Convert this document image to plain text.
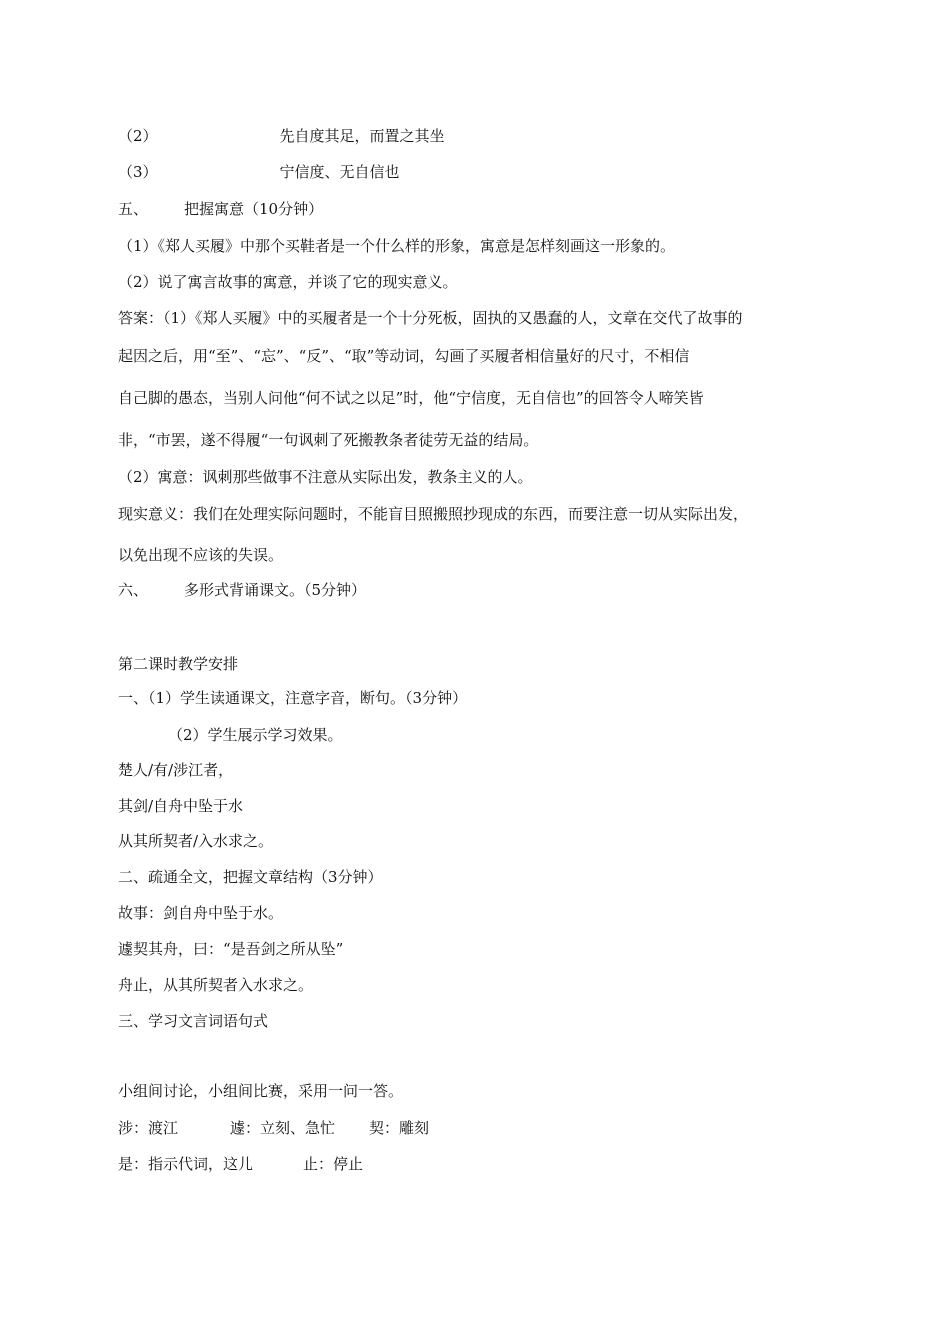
（2）	先自度其足，而置之其坐
（3）	宁信度、无自信也
五、 把握寓意（10分钟）
（1）《郑人买履》中那个买鞋者是一个什么样的形象，寓意是怎样刻画这一形象的。
（2）说了寓言故事的寓意，并谈了它的现实意义。
答案：（1）《郑人买履》中的买履者是一个十分死板，固执的又愚蠢的人，文章在交代了故事的
起因之后，用“至”、“忘”、“反”、“取”等动词，勾画了买履者相信量好的尺寸，不相信
自己脚的愚态，当别人问他“何不试之以足”时，他“宁信度，无自信也”的回答令人啼笑皆
非，“市罢，遂不得履“一句讽刺了死搬教条者徒劳无益的结局。
（2）寓意：讽刺那些做事不注意从实际出发，教条主义的人。
现实意义：我们在处理实际问题时，不能盲目照搬照抄现成的东西，而要注意一切从实际出发，
以免出现不应该的失误。
六、 多形式背诵课文。（5分钟）
第二课时教学安排
一、（1）学生读通课文，注意字音，断句。（3分钟）
（2）学生展示学习效果。
楚人/有/涉江者，
其剑/自舟中坠于水
从其所契者/入水求之。
二、疏通全文，把握文章结构（3分钟）
故事：剑自舟中坠于水。
遽契其舟，曰：“是吾剑之所从坠”
舟止，从其所契者入水求之。
三、学习文言词语句式
小组间讨论，小组间比赛，采用一问一答。
涉：渡江	遽：立刻、急忙 契：雕刻
是：指示代词，这儿	止：停止
